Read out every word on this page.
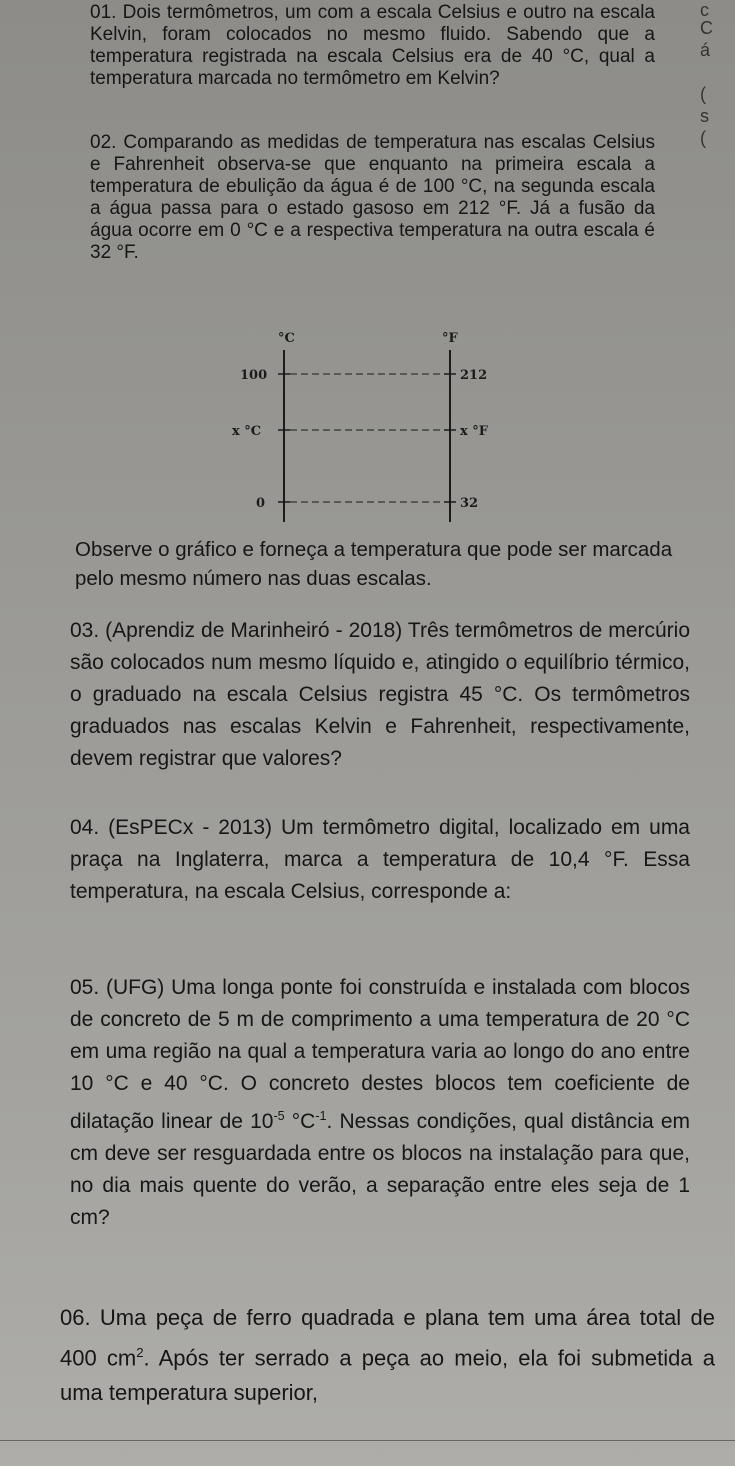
c
C
á
(
s
(
01. Dois termômetros, um com a escala Celsius e outro na escala Kelvin, foram colocados no mesmo fluido. Sabendo que a temperatura registrada na escala Celsius era de 40 °C, qual a temperatura marcada no termômetro em Kelvin?
02. Comparando as medidas de temperatura nas escalas Celsius e Fahrenheit observa-se que enquanto na primeira escala a temperatura de ebulição da água é de 100 °C, na segunda escala a água passa para o estado gasoso em 212 °F. Já a fusão da água ocorre em 0 °C e a respectiva temperatura na outra escala é 32 °F.
°C	°F
100	212
x °C	x °F
0	32
Observe o gráfico e forneça a temperatura que pode ser marcada pelo mesmo número nas duas escalas.
03. (Aprendiz de Marinheiró - 2018) Três termômetros de mercúrio são colocados num mesmo líquido e, atingido o equilíbrio térmico, o graduado na escala Celsius registra 45 °C. Os termômetros graduados nas escalas Kelvin e Fahrenheit, respectivamente, devem registrar que valores?
04. (EsPECx - 2013) Um termômetro digital, localizado em uma praça na Inglaterra, marca a temperatura de 10,4 °F. Essa temperatura, na escala Celsius, corresponde a:
05. (UFG) Uma longa ponte foi construída e instalada com blocos de concreto de 5 m de comprimento a uma temperatura de 20 °C em uma região na qual a temperatura varia ao longo do ano entre 10 °C e 40 °C. O concreto destes blocos tem coeficiente de dilatação linear de $10^{-5}$ $^\circ C^{-1}$. Nessas condições, qual distância em cm deve ser resguardada entre os blocos na instalação para que, no dia mais quente do verão, a separação entre eles seja de 1 cm?
06. Uma peça de ferro quadrada e plana tem uma área total de 400 $cm^2$. Após ter serrado a peça ao meio, ela foi submetida a uma temperatura superior,
